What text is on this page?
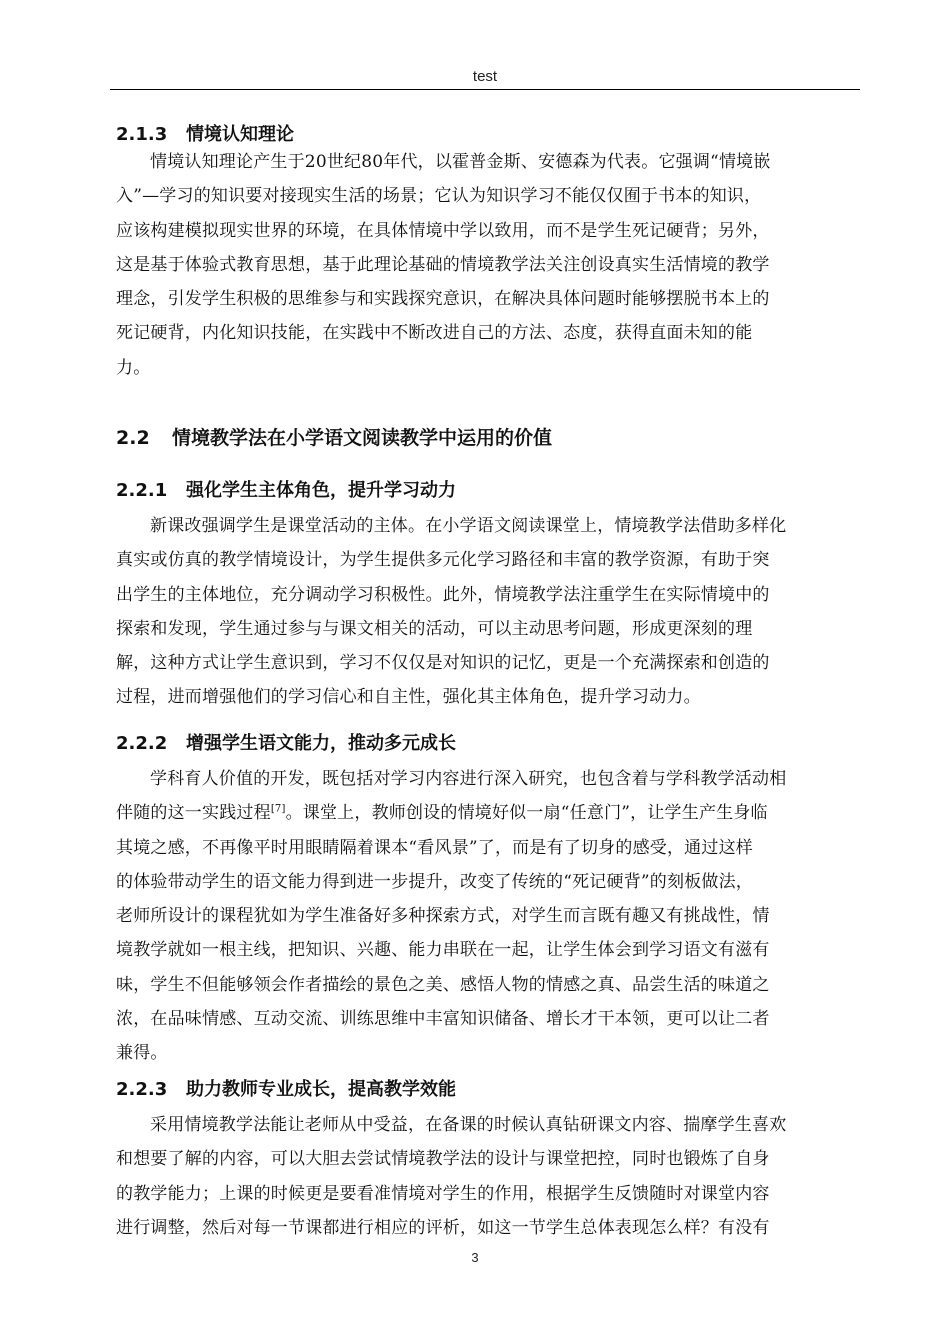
test
2.1.3 情境认知理论
情境认知理论产生于20世纪80年代，以霍普金斯、安德森为代表。它强调“情境嵌
入”—学习的知识要对接现实生活的场景；它认为知识学习不能仅仅囿于书本的知识，
应该构建模拟现实世界的环境，在具体情境中学以致用，而不是学生死记硬背；另外，
这是基于体验式教育思想，基于此理论基础的情境教学法关注创设真实生活情境的教学
理念，引发学生积极的思维参与和实践探究意识，在解决具体问题时能够摆脱书本上的
死记硬背，内化知识技能，在实践中不断改进自己的方法、态度，获得直面未知的能
力。
2.2 情境教学法在小学语文阅读教学中运用的价值
2.2.1 强化学生主体角色，提升学习动力
新课改强调学生是课堂活动的主体。在小学语文阅读课堂上，情境教学法借助多样化
真实或仿真的教学情境设计，为学生提供多元化学习路径和丰富的教学资源，有助于突
出学生的主体地位，充分调动学习积极性。此外，情境教学法注重学生在实际情境中的
探索和发现，学生通过参与与课文相关的活动，可以主动思考问题，形成更深刻的理
解，这种方式让学生意识到，学习不仅仅是对知识的记忆，更是一个充满探索和创造的
过程，进而增强他们的学习信心和自主性，强化其主体角色，提升学习动力。
2.2.2 增强学生语文能力，推动多元成长
学科育人价值的开发，既包括对学习内容进行深入研究，也包含着与学科教学活动相
伴随的这一实践过程[7]。课堂上，教师创设的情境好似一扇“任意门”，让学生产生身临
其境之感，不再像平时用眼睛隔着课本“看风景”了，而是有了切身的感受，通过这样
的体验带动学生的语文能力得到进一步提升，改变了传统的“死记硬背”的刻板做法，
老师所设计的课程犹如为学生准备好多种探索方式，对学生而言既有趣又有挑战性，情
境教学就如一根主线，把知识、兴趣、能力串联在一起，让学生体会到学习语文有滋有
味，学生不但能够领会作者描绘的景色之美、感悟人物的情感之真、品尝生活的味道之
浓，在品味情感、互动交流、训练思维中丰富知识储备、增长才干本领，更可以让二者
兼得。
2.2.3 助力教师专业成长，提高教学效能
采用情境教学法能让老师从中受益，在备课的时候认真钻研课文内容、揣摩学生喜欢
和想要了解的内容，可以大胆去尝试情境教学法的设计与课堂把控，同时也锻炼了自身
的教学能力；上课的时候更是要看准情境对学生的作用，根据学生反馈随时对课堂内容
进行调整，然后对每一节课都进行相应的评析，如这一节学生总体表现怎么样？有没有
3
